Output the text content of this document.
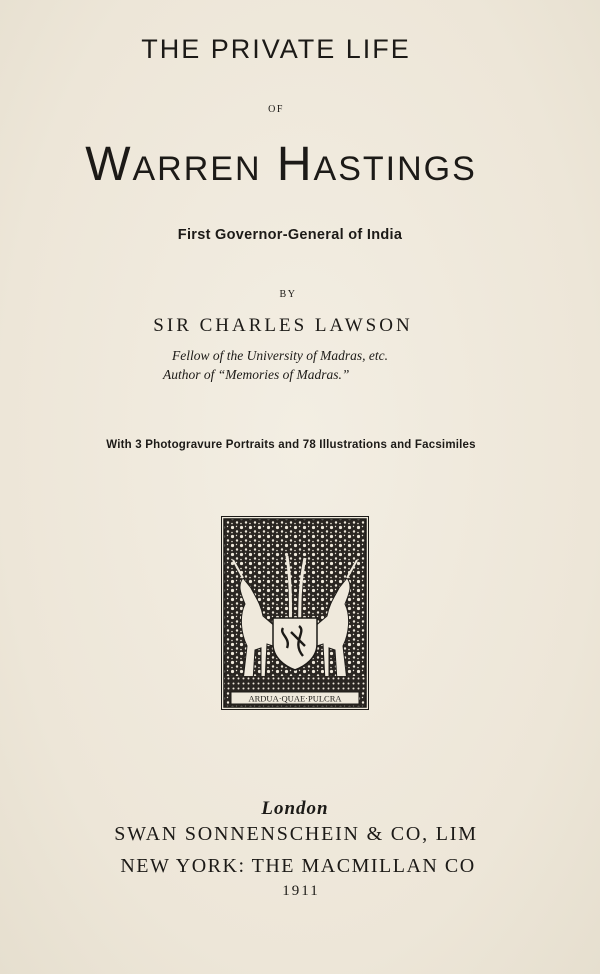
THE PRIVATE LIFE
OF
Warren Hastings
First Governor-General of India
BY
SIR CHARLES LAWSON
Fellow of the University of Madras, etc.
Author of “Memories of Madras.”
With 3 Photogravure Portraits and 78 Illustrations and Facsimiles
ARDUA·QUAE·PULCRA
London
SWAN SONNENSCHEIN & CO, LIM
NEW YORK: THE MACMILLAN CO
1911
